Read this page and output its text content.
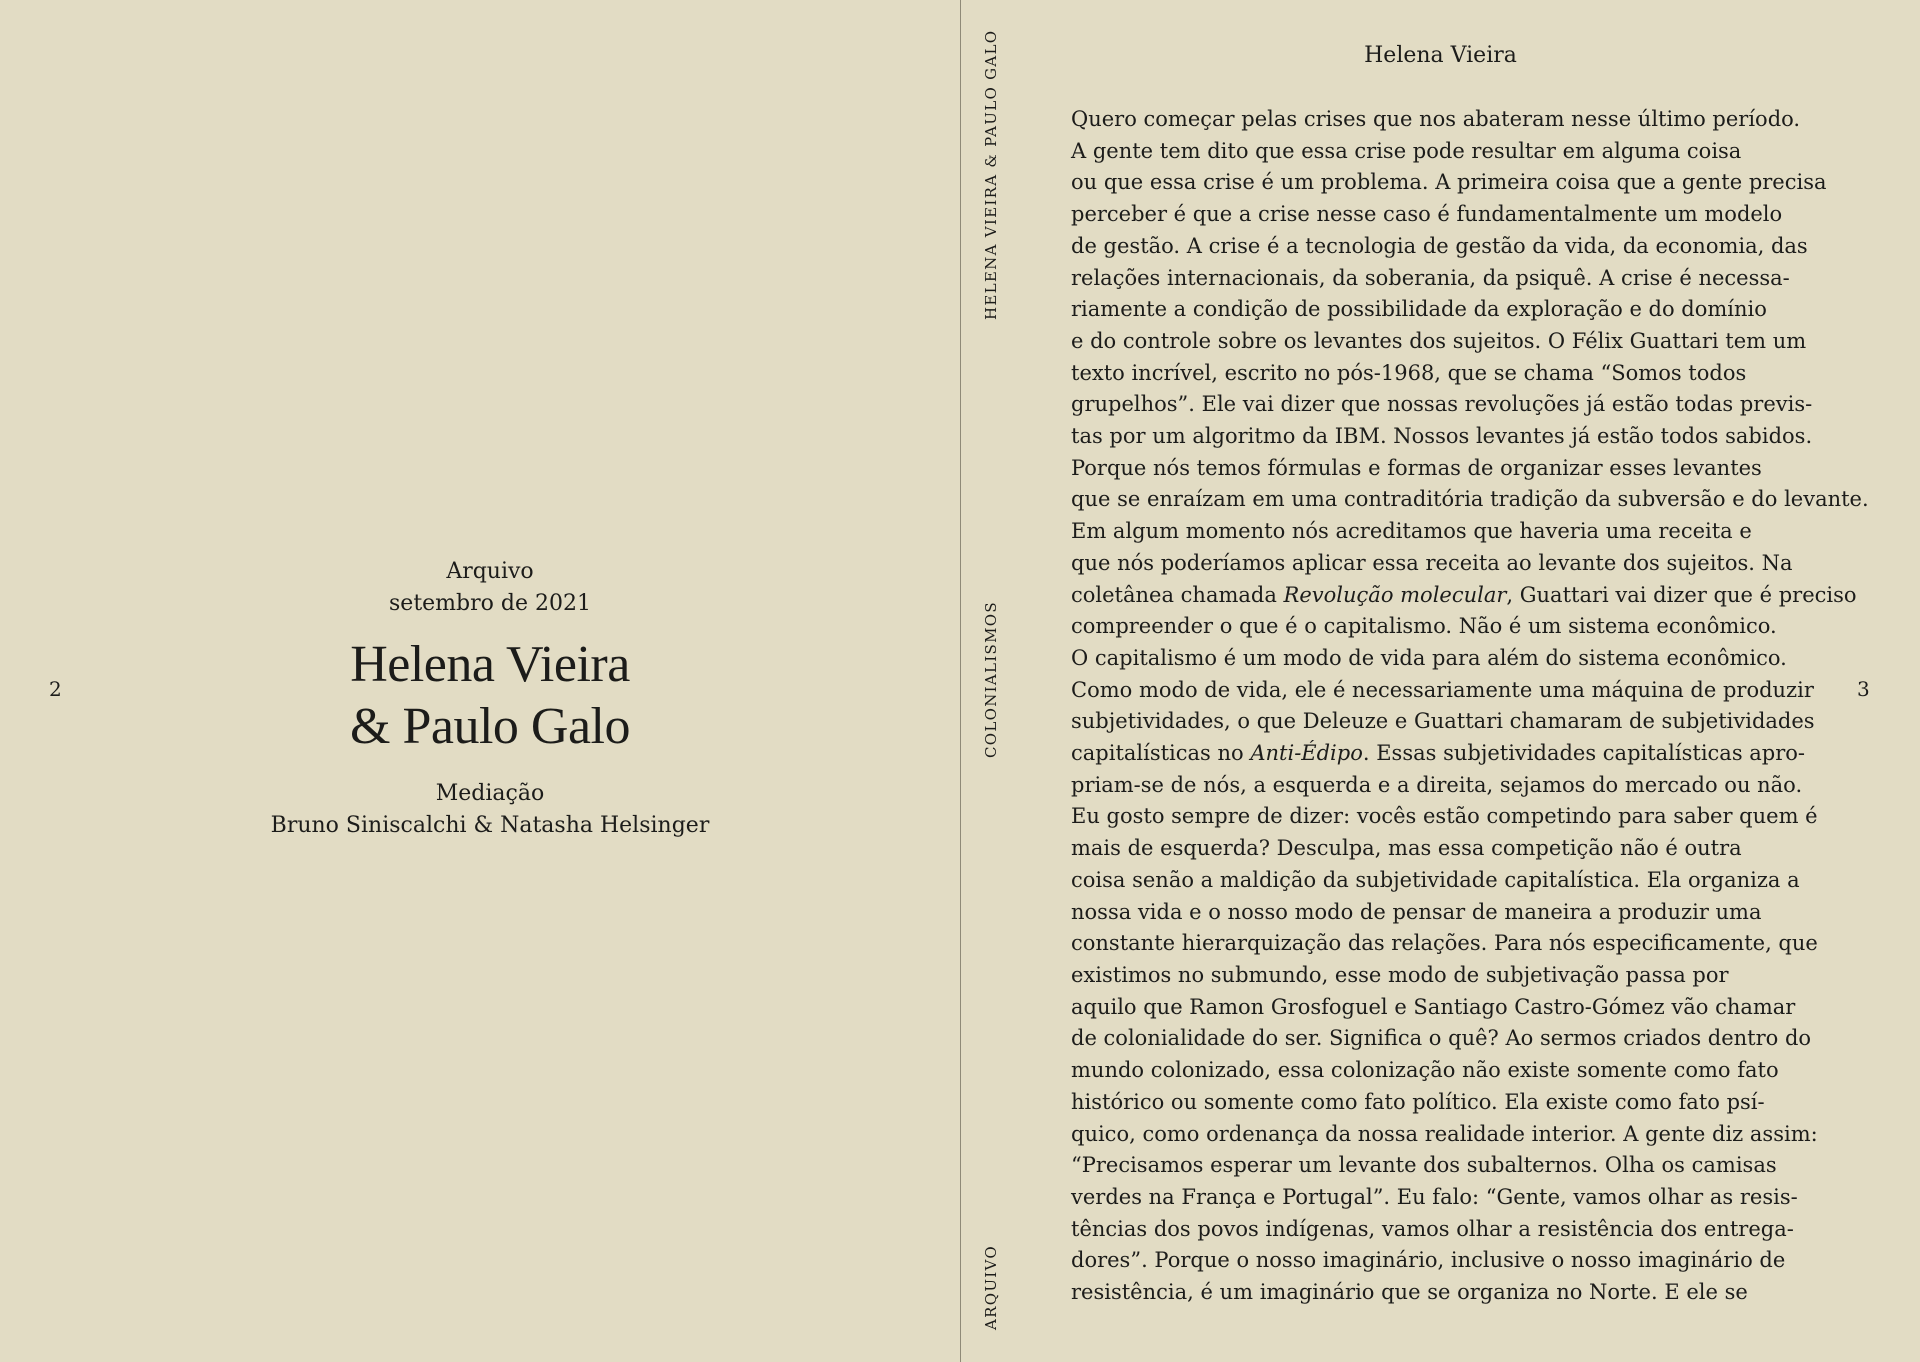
2
Arquivo
setembro de 2021
Helena Vieira
& Paulo Galo
Mediação
Bruno Siniscalchi & Natasha Helsinger
HELENA VIEIRA & PAULO GALO
COLONIALISMOS
ARQUIVO
Helena Vieira
Quero começar pelas crises que nos abateram nesse último período.
A gente tem dito que essa crise pode resultar em alguma coisa
ou que essa crise é um problema. A primeira coisa que a gente precisa
perceber é que a crise nesse caso é fundamentalmente um modelo
de gestão. A crise é a tecnologia de gestão da vida, da economia, das
relações internacionais, da soberania, da psiquê. A crise é necessa-
riamente a condição de possibilidade da exploração e do domínio
e do controle sobre os levantes dos sujeitos. O Félix Guattari tem um
texto incrível, escrito no pós-1968, que se chama “Somos todos
grupelhos”. Ele vai dizer que nossas revoluções já estão todas previs-
tas por um algoritmo da IBM. Nossos levantes já estão todos sabidos.
Porque nós temos fórmulas e formas de organizar esses levantes
que se enraízam em uma contraditória tradição da subversão e do levante.
Em algum momento nós acreditamos que haveria uma receita e
que nós poderíamos aplicar essa receita ao levante dos sujeitos. Na
coletânea chamada Revolução molecular, Guattari vai dizer que é preciso
compreender o que é o capitalismo. Não é um sistema econômico.
O capitalismo é um modo de vida para além do sistema econômico.
Como modo de vida, ele é necessariamente uma máquina de produzir
subjetividades, o que Deleuze e Guattari chamaram de subjetividades
capitalísticas no Anti-Édipo. Essas subjetividades capitalísticas apro-
priam-se de nós, a esquerda e a direita, sejamos do mercado ou não.
Eu gosto sempre de dizer: vocês estão competindo para saber quem é
mais de esquerda? Desculpa, mas essa competição não é outra
coisa senão a maldição da subjetividade capitalística. Ela organiza a
nossa vida e o nosso modo de pensar de maneira a produzir uma
constante hierarquização das relações. Para nós especificamente, que
existimos no submundo, esse modo de subjetivação passa por
aquilo que Ramon Grosfoguel e Santiago Castro-Gómez vão chamar
de colonialidade do ser. Significa o quê? Ao sermos criados dentro do
mundo colonizado, essa colonização não existe somente como fato
histórico ou somente como fato político. Ela existe como fato psí-
quico, como ordenança da nossa realidade interior. A gente diz assim:
“Precisamos esperar um levante dos subalternos. Olha os camisas
verdes na França e Portugal”. Eu falo: “Gente, vamos olhar as resis-
tências dos povos indígenas, vamos olhar a resistência dos entrega-
dores”. Porque o nosso imaginário, inclusive o nosso imaginário de
resistência, é um imaginário que se organiza no Norte. E ele se
3
